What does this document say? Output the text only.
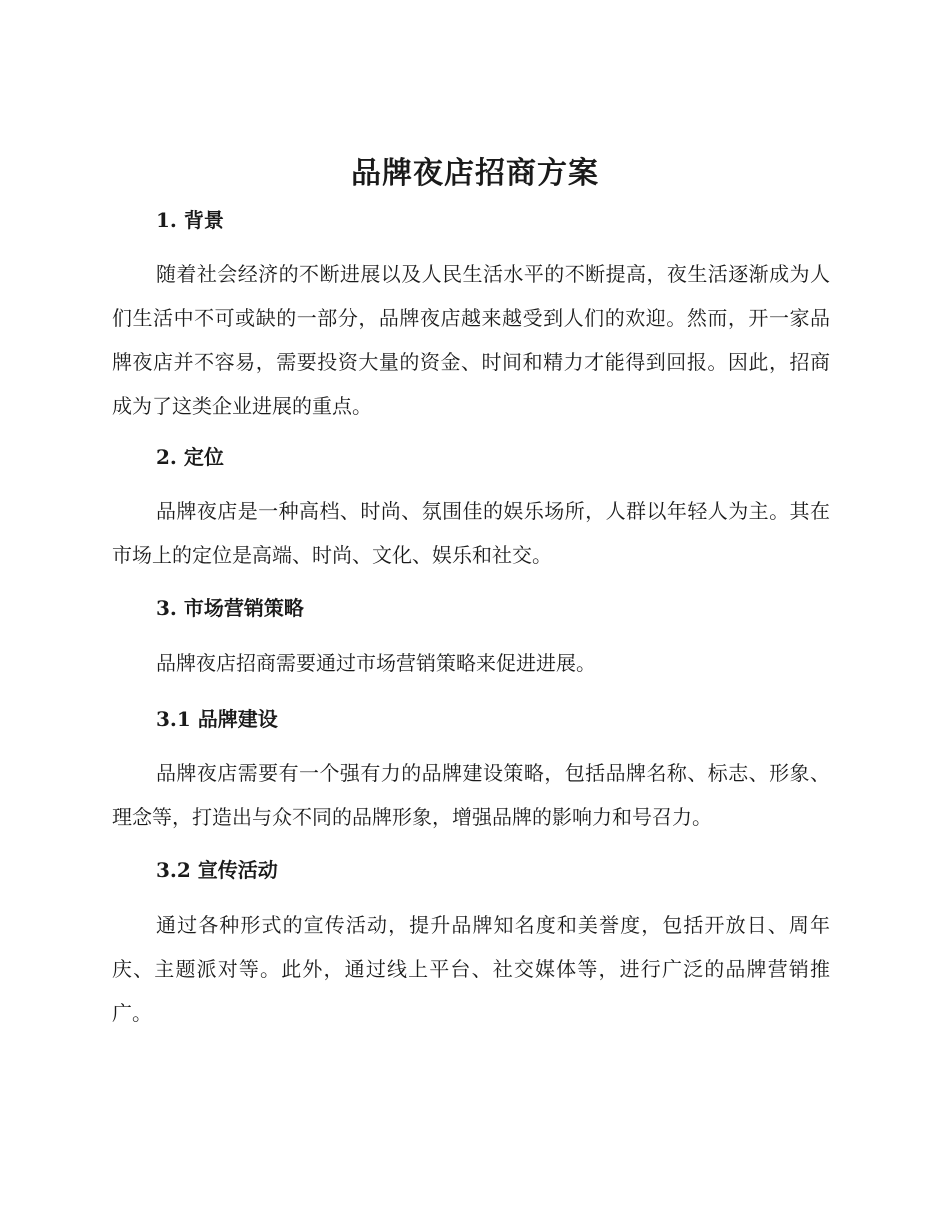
品牌夜店招商方案
1. 背景

随着社会经济的不断进展以及人民生活水平的不断提高，夜生活逐渐成为人们生活中不可或缺的一部分，品牌夜店越来越受到人们的欢迎。然而，开一家品牌夜店并不容易，需要投资大量的资金、时间和精力才能得到回报。因此，招商成为了这类企业进展的重点。

2. 定位

品牌夜店是一种高档、时尚、氛围佳的娱乐场所，人群以年轻人为主。其在市场上的定位是高端、时尚、文化、娱乐和社交。

3. 市场营销策略

品牌夜店招商需要通过市场营销策略来促进进展。

3.1 品牌建设

品牌夜店需要有一个强有力的品牌建设策略，包括品牌名称、标志、形象、理念等，打造出与众不同的品牌形象，增强品牌的影响力和号召力。

3.2 宣传活动

通过各种形式的宣传活动，提升品牌知名度和美誉度，包括开放日、周年庆、主题派对等。此外，通过线上平台、社交媒体等，进行广泛的品牌营销推广。
